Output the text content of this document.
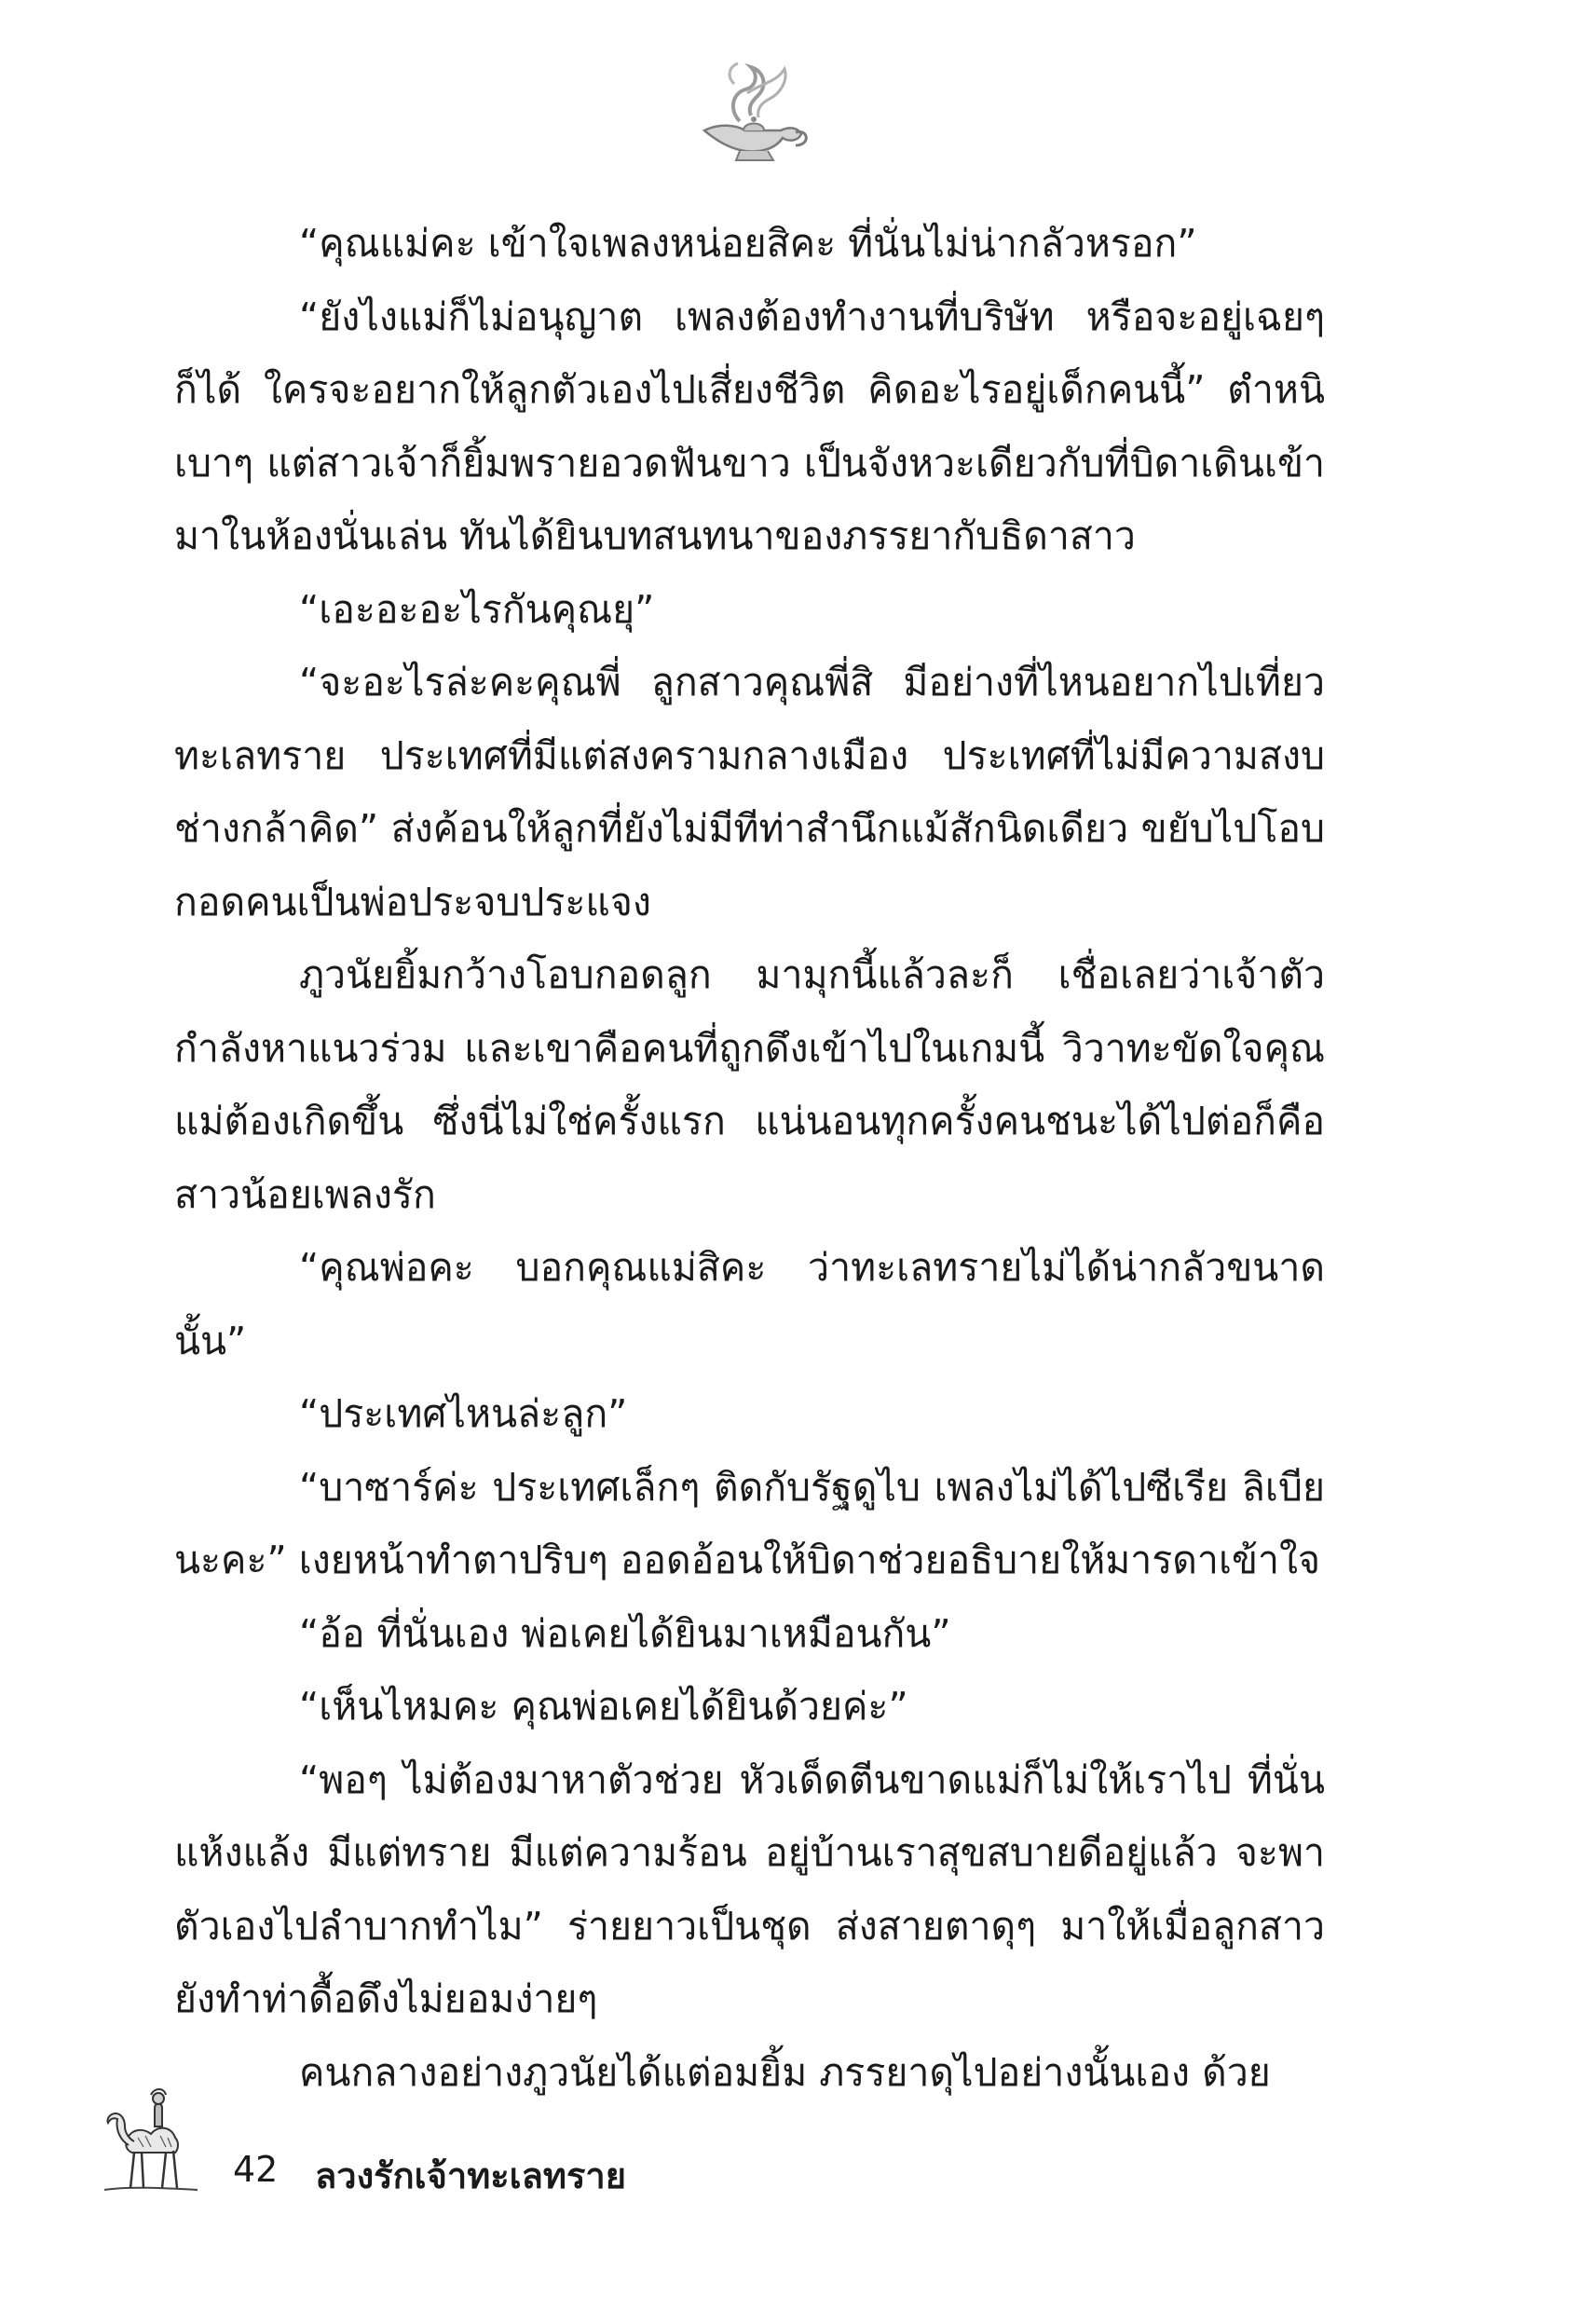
“คุณแม่คะ เข้าใจเพลงหน่อยสิคะ ที่นั่นไม่น่ากลัวหรอก”

“ยังไงแม่ก็ไม่อนุญาต เพลงต้องทำงานที่บริษัท หรือจะอยู่เฉยๆ ก็ได้ ใครจะอยากให้ลูกตัวเองไปเสี่ยงชีวิต คิดอะไรอยู่เด็กคนนี้” ตำหนิเบาๆ แต่สาวเจ้าก็ยิ้มพรายอวดฟันขาว เป็นจังหวะเดียวกับที่บิดาเดินเข้ามาในห้องนั่นเล่น ทันได้ยินบทสนทนาของภรรยากับธิดาสาว

“เอะอะอะไรกันคุณยุ”

“จะอะไรล่ะคะคุณพี่ ลูกสาวคุณพี่สิ มีอย่างที่ไหนอยากไปเที่ยวทะเลทราย ประเทศที่มีแต่สงครามกลางเมือง ประเทศที่ไม่มีความสงบ ช่างกล้าคิด” ส่งค้อนให้ลูกที่ยังไม่มีทีท่าสำนึกแม้สักนิดเดียว ขยับไปโอบกอดคนเป็นพ่อประจบประแจง

ภูวนัยยิ้มกว้างโอบกอดลูก มามุกนี้แล้วละก็ เชื่อเลยว่าเจ้าตัวกำลังหาแนวร่วม และเขาคือคนที่ถูกดึงเข้าไปในเกมนี้ วิวาทะขัดใจคุณแม่ต้องเกิดขึ้น ซึ่งนี่ไม่ใช่ครั้งแรก แน่นอนทุกครั้งคนชนะได้ไปต่อก็คือสาวน้อยเพลงรัก

“คุณพ่อคะ บอกคุณแม่สิคะ ว่าทะเลทรายไม่ได้น่ากลัวขนาดนั้น”

“ประเทศไหนล่ะลูก”

“บาซาร์ค่ะ ประเทศเล็กๆ ติดกับรัฐดูไบ เพลงไม่ได้ไปซีเรีย ลิเบียนะคะ” เงยหน้าทำตาปริบๆ ออดอ้อนให้บิดาช่วยอธิบายให้มารดาเข้าใจ

“อ้อ ที่นั่นเอง พ่อเคยได้ยินมาเหมือนกัน”

“เห็นไหมคะ คุณพ่อเคยได้ยินด้วยค่ะ”

“พอๆ ไม่ต้องมาหาตัวช่วย หัวเด็ดตีนขาดแม่ก็ไม่ให้เราไป ที่นั่นแห้งแล้ง มีแต่ทราย มีแต่ความร้อน อยู่บ้านเราสุขสบายดีอยู่แล้ว จะพาตัวเองไปลำบากทำไม” ร่ายยาวเป็นชุด ส่งสายตาดุๆ มาให้เมื่อลูกสาวยังทำท่าดื้อดึงไม่ยอมง่ายๆ

คนกลางอย่างภูวนัยได้แต่อมยิ้ม ภรรยาดุไปอย่างนั้นเอง ด้วย

42 ลวงรักเจ้าทะเลทราย
